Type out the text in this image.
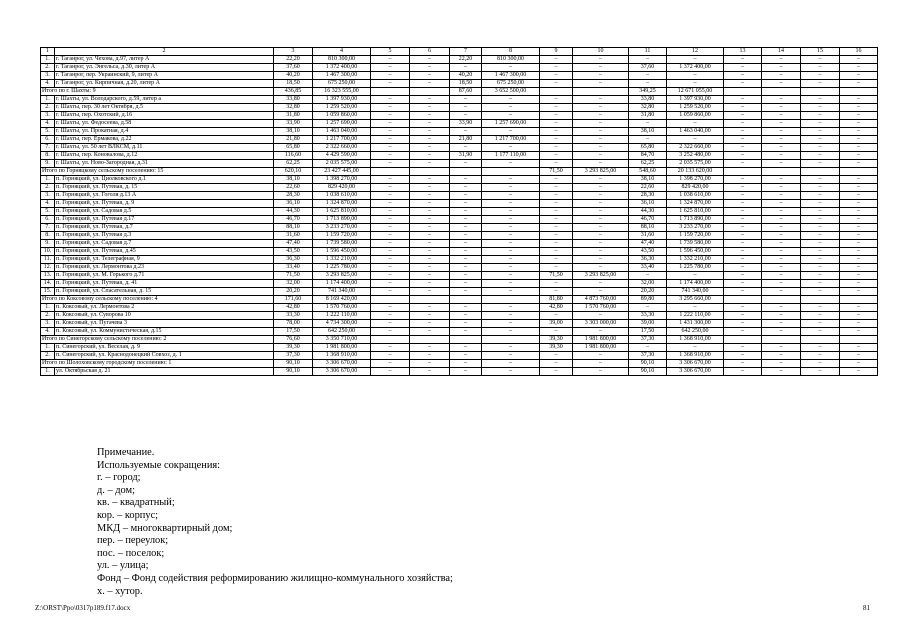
1	2	3	4	5	6	7	8	9	10	11	12	13	14	15	16
1.	г. Таганрог, ул. Чехова, д.97, литер А	22,20	810 300,00	–	–	22,20	810 300,00	–	–	–	–	–	–	–	–
2.	г. Таганрог, ул. Энгельса, д.30, литер А	37,60	1 372 400,00	–	–	–	–	–	–	37,60	1 372 400,00	–	–	–	–
3.	г. Таганрог, пер. Украинский, 9, литер А	40,20	1 467 300,00	–	–	40,20	1 467 300,00	–	–	–	–	–	–	–	–
4.	г. Таганрог, ул. Кирпичная, д.20, литер А	18,50	675 250,00	–	–	18,50	675 250,00	–	–	–	–	–	–	–	–
Итого по г. Шахты: 9		436,85	16 323 555,00			87,60	3 652 500,00			349,25	12 671 055,00				
1.	г. Шахты, ул. Володарского, д.59, литер а	33,80	1 397 930,00	–	–	–	–	–	–	33,80	1 397 930,00	–	–	–	–
2.	г. Шахты, пер. 30 лет Октября, д.5	32,80	1 259 520,00	–	–	–	–	–	–	32,80	1 259 520,00	–	–	–	–
3.	г. Шахты, пер. Охотский, д.16	31,80	1 059 860,00	–	–	–	–	–	–	31,80	1 059 860,00	–	–	–	–
4.	г. Шахты, ул. Федосеева, д.58	33,90	1 257 690,00	–	–	33,90	1 257 690,00	–	–	–	–	–	–	–	–
5.	г. Шахты, ул. Прокатная, д.4	38,10	1 463 040,00	–	–	–	–	–	–	38,10	1 463 040,00	–	–	–	–
6.	г. Шахты, пер. Ермакова, д.22	21,80	1 217 700,00	–	–	21,80	1 217 700,00	–	–	–	–	–	–	–	–
7.	г. Шахты, ул. 50 лет ВЛКСМ, д.11	65,80	2 322 660,00	–	–	–	–	–	–	65,80	2 322 660,00	–	–	–	–
8.	г. Шахты, пер. Коновалова, д.12	116,60	4 429 590,00	–	–	31,90	1 177 110,00	–	–	84,70	3 252 480,00	–	–	–	–
9.	г. Шахты, ул. Ново-Загородная, д.31	62,25	2 035 575,00	–	–	–	–	–	–	62,25	2 035 575,00	–	–	–	–
Итого по Горняцкому сельскому поселению: 15		620,10	23 427 445,00					71,50	3 293 825,00	548,60	20 133 620,00				
1.	п. Горняцкий, ул. Циолковского д.1	38,10	1 398 270,00	–	–	–	–	–	–	38,10	1 398 270,00	–	–	–	–
2.	п. Горняцкий, ул. Путевая, д. 15	22,60	829 420,00	–	–	–	–	–	–	22,60	829 420,00	–	–	–	–
3.	п. Горняцкий, ул. Гоголя д.13 А	28,30	1 038 610,00	–	–	–	–	–	–	28,30	1 038 610,00	–	–	–	–
4.	п. Горняцкий, ул. Путевая, д. 9	36,10	1 324 870,00	–	–	–	–	–	–	36,10	1 324 870,00	–	–	–	–
5.	п. Горняцкий, ул. Садовая д.5	44,30	1 625 810,00	–	–	–	–	–	–	44,30	1 625 810,00	–	–	–	–
6.	п. Горняцкий, ул. Путевая д.17	46,70	1 713 890,00	–	–	–	–	–	–	46,70	1 713 890,00	–	–	–	–
7.	п. Горняцкий, ул. Путевая, д.7	88,10	3 233 270,00	–	–	–	–	–	–	88,10	3 233 270,00	–	–	–	–
8.	п. Горняцкий, ул. Путевая д.3	31,60	1 159 720,00	–	–	–	–	–	–	31,60	1 159 720,00	–	–	–	–
9.	п. Горняцкий, ул. Садовая д.7	47,40	1 739 580,00	–	–	–	–	–	–	47,40	1 739 580,00	–	–	–	–
10.	п. Горняцкий, ул. Путевая, д.45	43,50	1 596 450,00	–	–	–	–	–	–	43,50	1 596 450,00	–	–	–	–
11.	п. Горняцкий, ул. Телеграфная, 9	36,30	1 332 210,00	–	–	–	–	–	–	36,30	1 332 210,00	–	–	–	–
12.	п. Горняцкий, ул. Лермонтова д.23	33,40	1 225 780,00	–	–	–	–	–	–	33,40	1 225 780,00	–	–	–	–
13.	п. Горняцкий, ул. М. Горького д.71	71,50	3 293 825,00	–	–	–	–	71,50	3 293 825,00	–	–	–	–	–	–
14.	п. Горняцкий, ул. Путевая, д. 41	32,00	1 174 400,00	–	–	–	–	–	–	32,00	1 174 400,00	–	–	–	–
15.	п. Горняцкий, ул. Спасательная, д. 15	20,20	741 340,00	–	–	–	–	–	–	20,20	741 340,00	–	–	–	–
Итого по Коксовому сельскому поселению: 4		171,60	8 169 420,00					81,80	4 873 760,00	89,80	3 295 660,00				
1.	п. Коксовый, ул. Лермонтова 2	42,80	1 570 760,00	–	–	–	–	42,80	1 570 760,00	–	–	–	–	–	–
2.	п. Коксовый, ул. Суворова 10	33,30	1 222 110,00	–	–	–	–	–	–	33,30	1 222 110,00	–	–	–	–
3.	п. Коксовый, ул. Пугачева 3	78,00	4 734 300,00	–	–	–	–	39,00	3 303 000,00	39,00	1 431 300,00	–	–	–	–
4.	п. Коксовый, ул. Коммунистическая, д.15	17,50	642 250,00	–	–	–	–	–	–	17,50	642 250,00	–	–	–	–
Итого по Синегорскому сельскому поселению: 2		76,60	3 350 710,00					39,30	1 981 800,00	37,30	1 368 910,00				
1.	п. Синегорский, ул. Веселая, д. 9	39,30	1 981 800,00	–	–	–	–	39,30	1 981 800,00	–	–	–	–	–	–
2.	п. Синегорский, ул. Краснодонецкий Совхоз, д. 1	37,30	1 368 910,00	–	–	–	–	–	–	37,30	1 368 910,00	–	–	–	–
Итого по Шолоховскому городскому поселению: 1		90,10	3 306 670,00	–	–	–	–	–	–	90,10	3 306 670,00	–	–	–	–
1.	ул. Октябрьская д. 21	90,10	3 306 670,00	–	–	–	–	–	–	90,10	3 306 670,00	–	–	–	–
Примечание.
Используемые сокращения:
г. – город;
д. – дом;
кв. – квадратный;
кор. – корпус;
МКД – многоквартирный дом;
пер. – переулок;
пос. – поселок;
ул. – улица;
Фонд – Фонд содействия реформированию жилищно-коммунального хозяйства;
х. – хутор.
Z:\ORST\Ppo\0317p189.f17.docx	81
